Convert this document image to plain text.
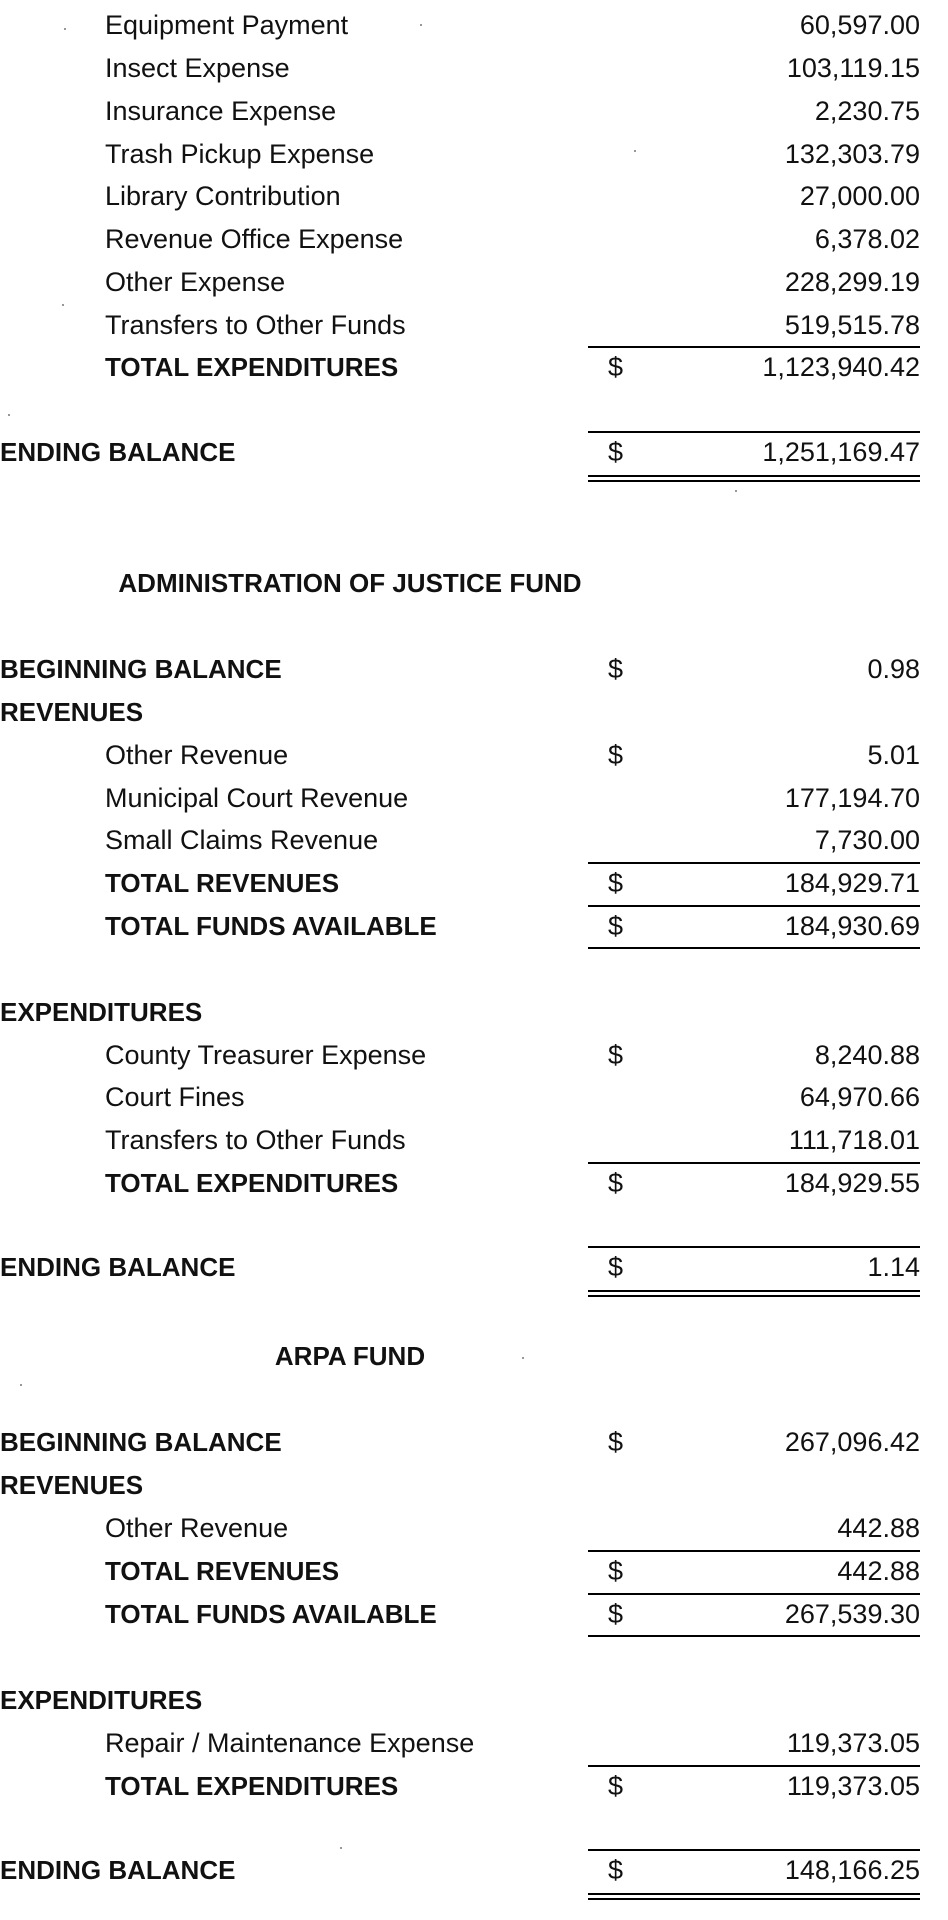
Equipment Payment	60,597.00
Insect Expense	103,119.15
Insurance Expense	2,230.75
Trash Pickup Expense	132,303.79
Library Contribution	27,000.00
Revenue Office Expense	6,378.02
Other Expense	228,299.19
Transfers to Other Funds	519,515.78
TOTAL EXPENDITURES	$	1,123,940.42
ENDING BALANCE	$	1,251,169.47
ADMINISTRATION OF JUSTICE FUND
BEGINNING BALANCE	$	0.98
REVENUES
Other Revenue	$	5.01
Municipal Court Revenue	177,194.70
Small Claims Revenue	7,730.00
TOTAL REVENUES	$	184,929.71
TOTAL FUNDS AVAILABLE	$	184,930.69
EXPENDITURES
County Treasurer Expense	$	8,240.88
Court Fines	64,970.66
Transfers to Other Funds	111,718.01
TOTAL EXPENDITURES	$	184,929.55
ENDING BALANCE	$	1.14
ARPA FUND
BEGINNING BALANCE	$	267,096.42
REVENUES
Other Revenue	442.88
TOTAL REVENUES	$	442.88
TOTAL FUNDS AVAILABLE	$	267,539.30
EXPENDITURES
Repair / Maintenance Expense	119,373.05
TOTAL EXPENDITURES	$	119,373.05
ENDING BALANCE	$	148,166.25
